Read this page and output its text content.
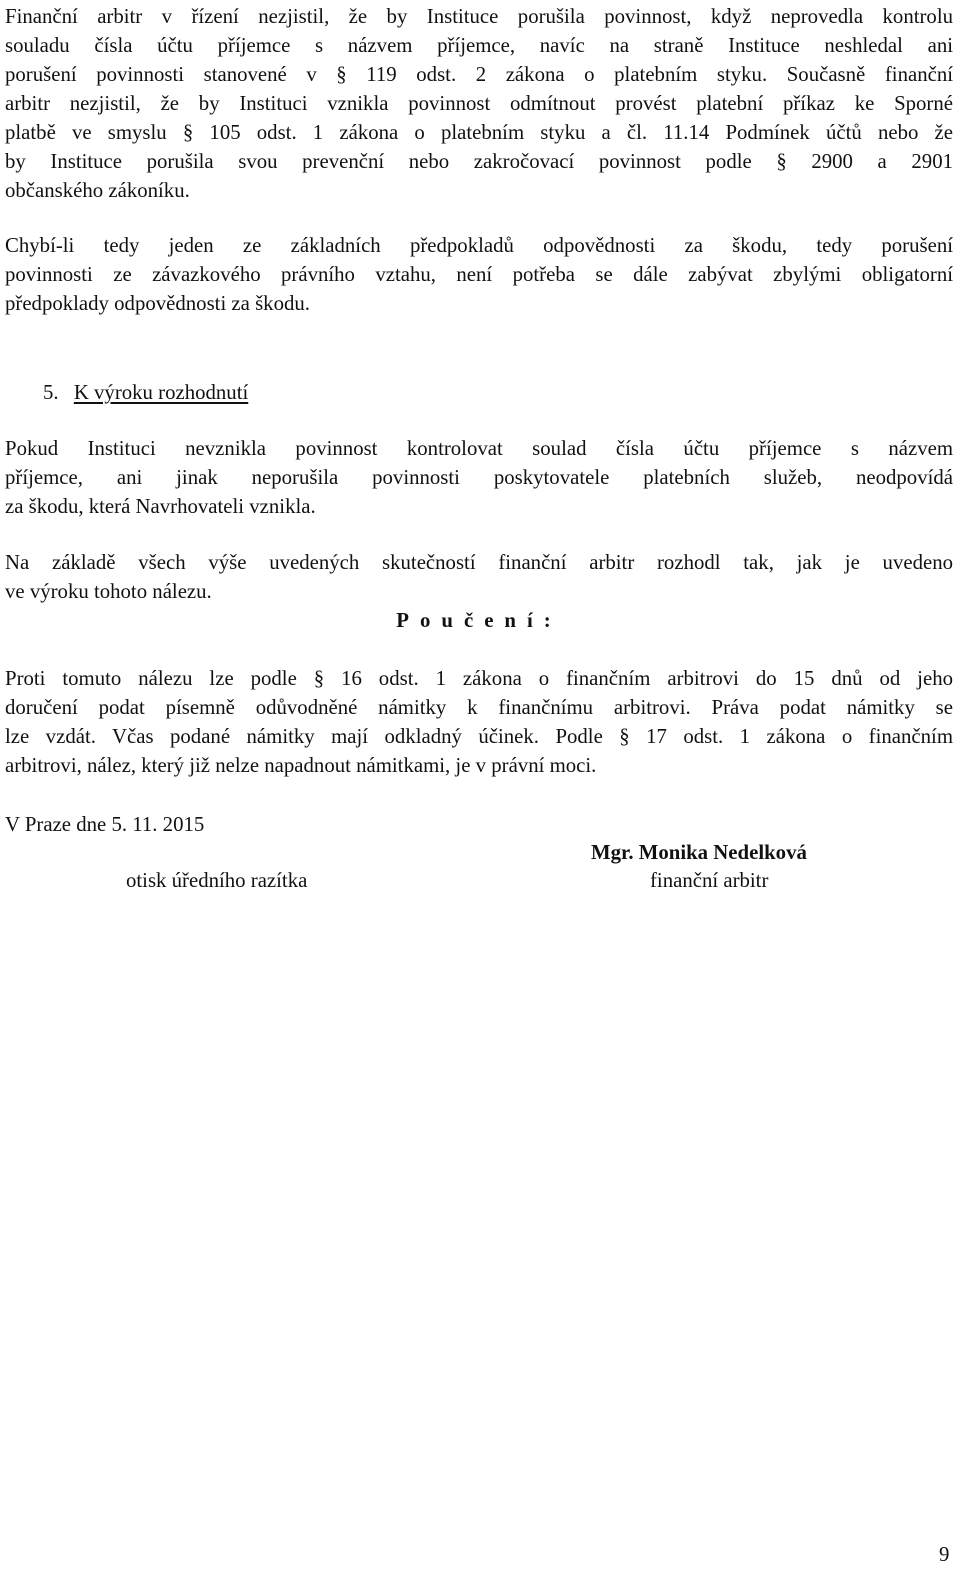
Finanční arbitr v řízení nezjistil, že by Instituce porušila povinnost, když neprovedla kontrolu
souladu čísla účtu příjemce s názvem příjemce, navíc na straně Instituce neshledal ani
porušení povinnosti stanovené v § 119 odst. 2 zákona o platebním styku. Současně finanční
arbitr nezjistil, že by Instituci vznikla povinnost odmítnout provést platební příkaz ke Sporné
platbě ve smyslu § 105 odst. 1 zákona o platebním styku a čl. 11.14 Podmínek účtů nebo že
by Instituce porušila svou prevenční nebo zakročovací povinnost podle § 2900 a 2901
občanského zákoníku.

Chybí-li tedy jeden ze základních předpokladů odpovědnosti za škodu, tedy porušení
povinnosti ze závazkového právního vztahu, není potřeba se dále zabývat zbylými obligatorní
předpoklady odpovědnosti za škodu.

5. K výroku rozhodnutí

Pokud Instituci nevznikla povinnost kontrolovat soulad čísla účtu příjemce s názvem
příjemce, ani jinak neporušila povinnosti poskytovatele platebních služeb, neodpovídá
za škodu, která Navrhovateli vznikla.

Na základě všech výše uvedených skutečností finanční arbitr rozhodl tak, jak je uvedeno
ve výroku tohoto nálezu.

Poučení:

Proti tomuto nálezu lze podle § 16 odst. 1 zákona o finančním arbitrovi do 15 dnů od jeho
doručení podat písemně odůvodněné námitky k finančnímu arbitrovi. Práva podat námitky se
lze vzdát. Včas podané námitky mají odkladný účinek. Podle § 17 odst. 1 zákona o finančním
arbitrovi, nález, který již nelze napadnout námitkami, je v právní moci.

V Praze dne 5. 11. 2015
Mgr. Monika Nedelková
otisk úředního razítka	finanční arbitr
9
